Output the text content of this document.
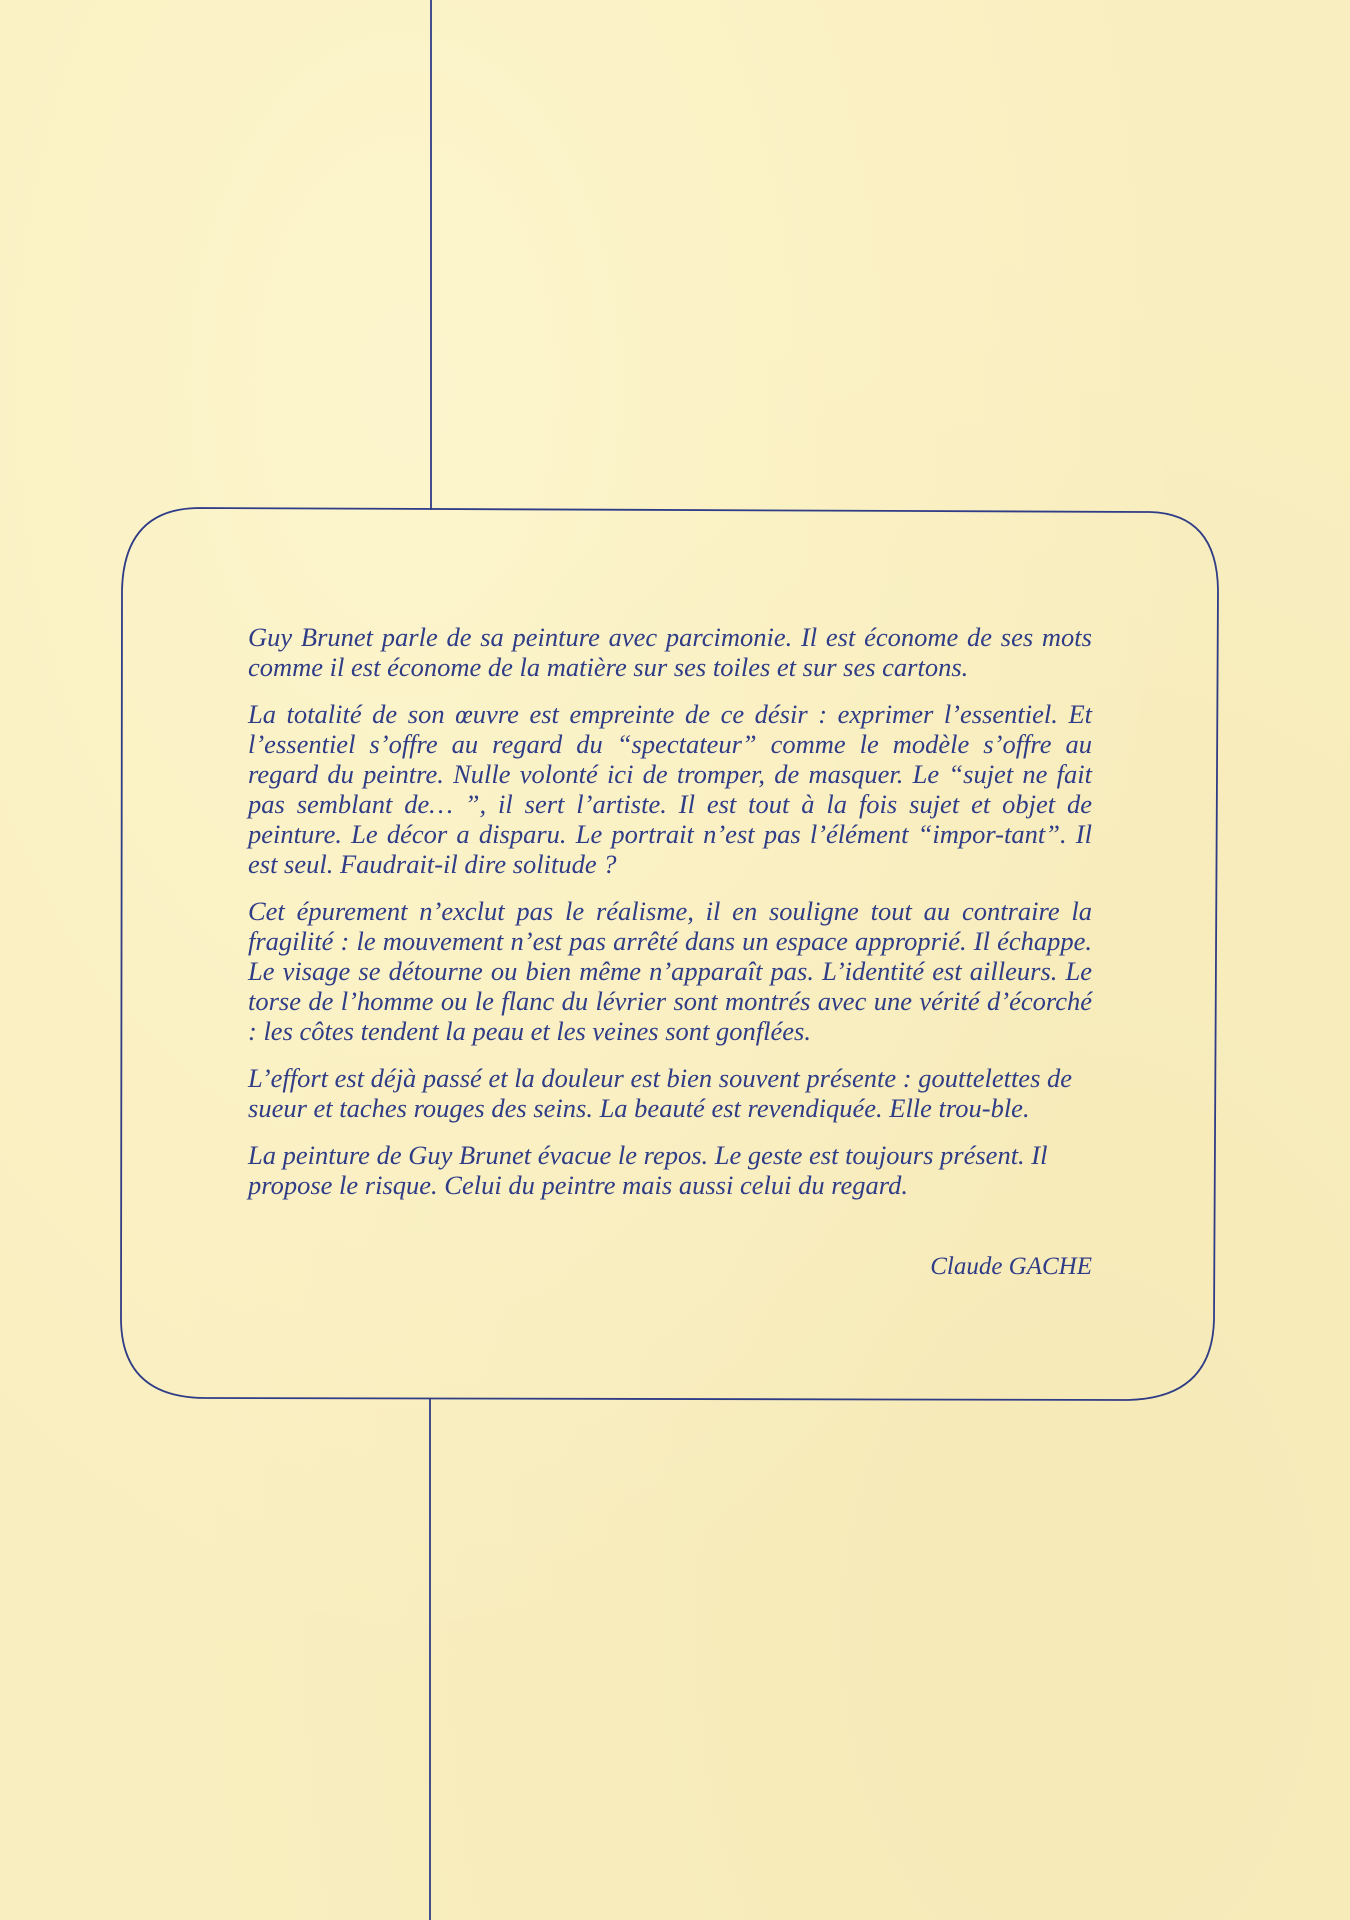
Guy Brunet parle de sa peinture avec parcimonie. Il est économe de ses mots comme il est économe de la matière sur ses toiles et sur ses cartons.

La totalité de son œuvre est empreinte de ce désir : exprimer l’essentiel. Et l’essentiel s’offre au regard du “spectateur” comme le modèle s’offre au regard du peintre. Nulle volonté ici de tromper, de masquer. Le “sujet ne fait pas semblant de… ”, il sert l’artiste. Il est tout à la fois sujet et objet de peinture. Le décor a disparu. Le portrait n’est pas l’élément “impor-tant”. Il est seul. Faudrait-il dire solitude ?

Cet épurement n’exclut pas le réalisme, il en souligne tout au contraire la fragilité : le mouvement n’est pas arrêté dans un espace approprié. Il échappe. Le visage se détourne ou bien même n’apparaît pas. L’identité est ailleurs. Le torse de l’homme ou le flanc du lévrier sont montrés avec une vérité d’écorché : les côtes tendent la peau et les veines sont gonflées.

L’effort est déjà passé et la douleur est bien souvent présente : gouttelettes de sueur et taches rouges des seins. La beauté est revendiquée. Elle trou-ble.

La peinture de Guy Brunet évacue le repos. Le geste est toujours présent. Il propose le risque. Celui du peintre mais aussi celui du regard.

Claude GACHE
